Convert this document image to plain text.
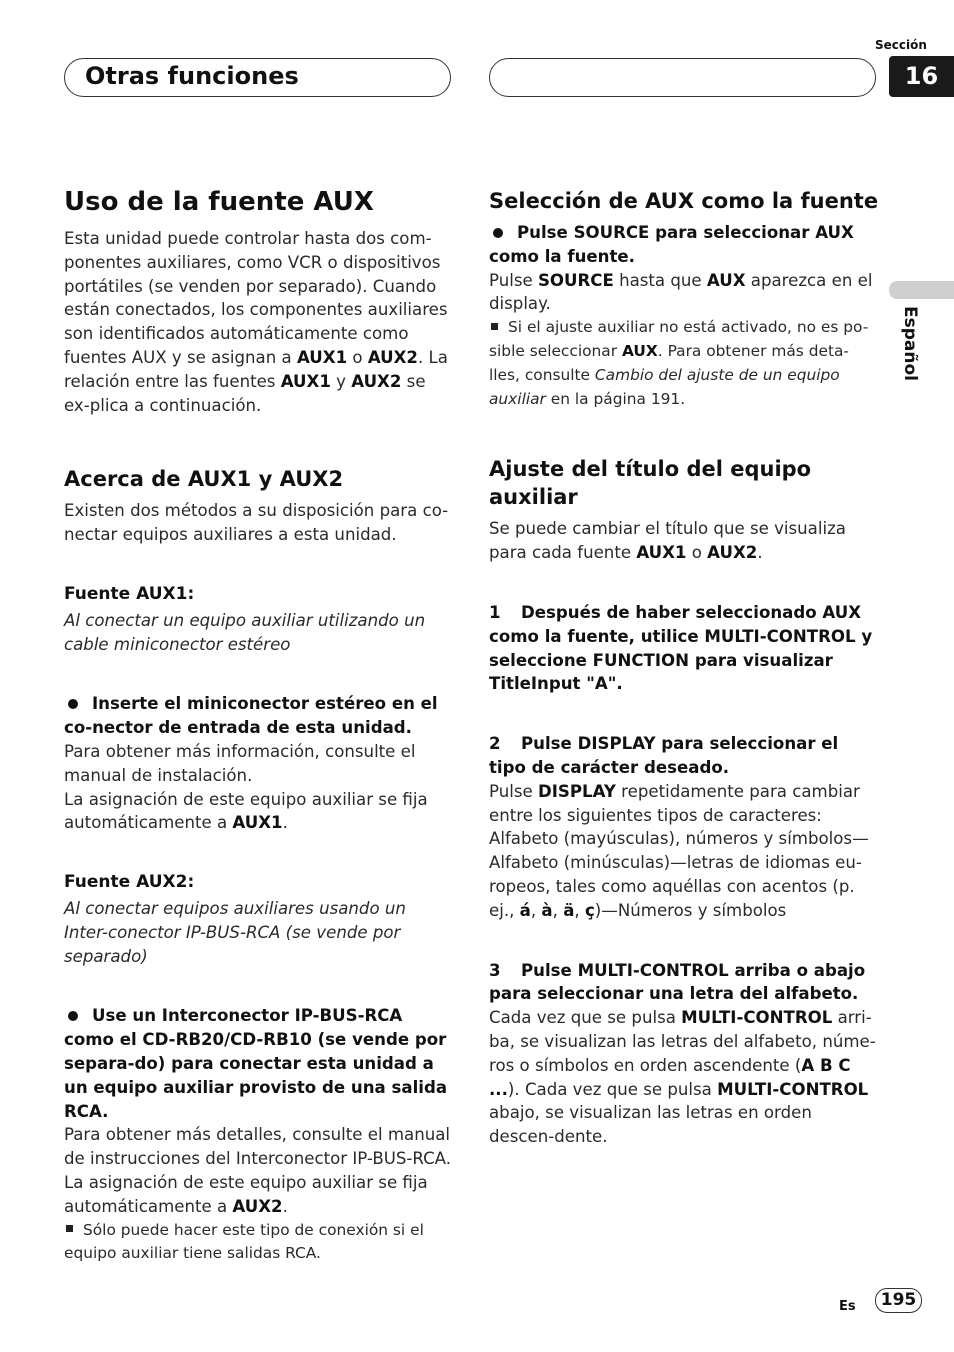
Otras funciones
Sección
16
Español
Uso de la fuente AUX

Esta unidad puede controlar hasta dos com-ponentes auxiliares, como VCR o dispositivos portátiles (se venden por separado). Cuando están conectados, los componentes auxiliares son identificados automáticamente como fuentes AUX y se asignan a AUX1 o AUX2. La relación entre las fuentes AUX1 y AUX2 se ex-plica a continuación.

Acerca de AUX1 y AUX2

Existen dos métodos a su disposición para co-nectar equipos auxiliares a esta unidad.

Fuente AUX1:

Al conectar un equipo auxiliar utilizando un cable miniconector estéreo

Inserte el miniconector estéreo en el co-nector de entrada de esta unidad.

Para obtener más información, consulte el manual de instalación.

La asignación de este equipo auxiliar se fija automáticamente a AUX1.

Fuente AUX2:

Al conectar equipos auxiliares usando un Inter-conector IP-BUS-RCA (se vende por separado)

Use un Interconector IP-BUS-RCA como el CD-RB20/CD-RB10 (se vende por separa-do) para conectar esta unidad a un equipo auxiliar provisto de una salida RCA.

Para obtener más detalles, consulte el manual de instrucciones del Interconector IP-BUS-RCA.

La asignación de este equipo auxiliar se fija automáticamente a AUX2.

Sólo puede hacer este tipo de conexión si el equipo auxiliar tiene salidas RCA.

Selección de AUX como la fuente

Pulse SOURCE para seleccionar AUX como la fuente.

Pulse SOURCE hasta que AUX aparezca en el display.

Si el ajuste auxiliar no está activado, no es po-sible seleccionar AUX. Para obtener más deta-lles, consulte Cambio del ajuste de un equipo auxiliar en la página 191.

Ajuste del título del equipo auxiliar

Se puede cambiar el título que se visualiza para cada fuente AUX1 o AUX2.

1 Después de haber seleccionado AUX como la fuente, utilice MULTI-CONTROL y seleccione FUNCTION para visualizar TitleInput "A".

2 Pulse DISPLAY para seleccionar el tipo de carácter deseado.

Pulse DISPLAY repetidamente para cambiar entre los siguientes tipos de caracteres: Alfabeto (mayúsculas), números y símbolos—Alfabeto (minúsculas)—letras de idiomas eu-ropeos, tales como aquéllas con acentos (p. ej., á, à, ä, ç)—Números y símbolos

3 Pulse MULTI-CONTROL arriba o abajo para seleccionar una letra del alfabeto.

Cada vez que se pulsa MULTI-CONTROL arri-ba, se visualizan las letras del alfabeto, núme-ros o símbolos en orden ascendente (A B C ...). Cada vez que se pulsa MULTI-CONTROL abajo, se visualizan las letras en orden descen-dente.

Es	195
